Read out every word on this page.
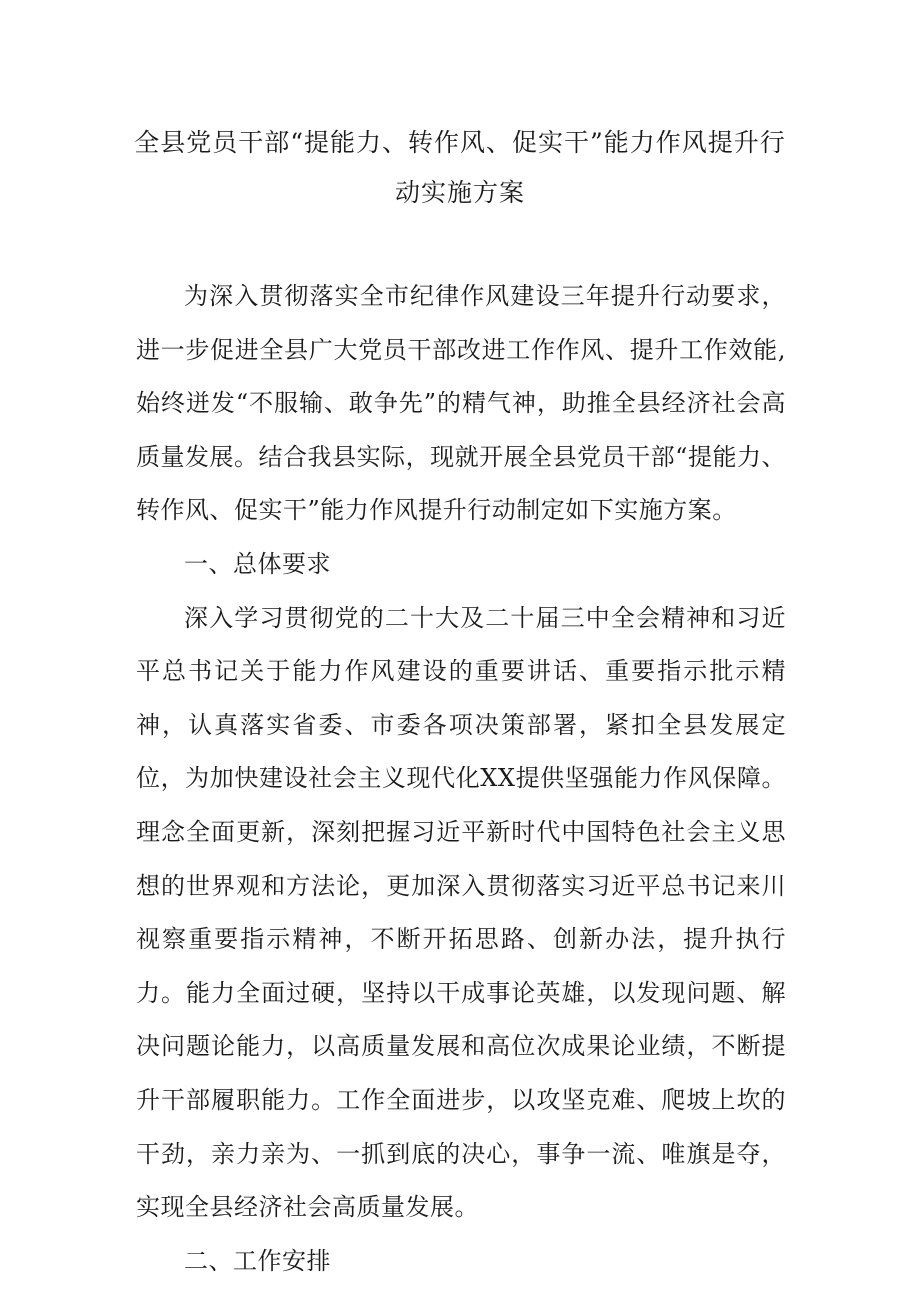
全县党员干部“提能力、转作风、促实干”能力作风提升行
动实施方案

为深入贯彻落实全市纪律作风建设三年提升行动要求，进一步促进全县广大党员干部改进工作作风、提升工作效能,始终迸发“不服输、敢争先”的精气神，助推全县经济社会高质量发展。结合我县实际，现就开展全县党员干部“提能力、转作风、促实干”能力作风提升行动制定如下实施方案。

一、总体要求

深入学习贯彻党的二十大及二十届三中全会精神和习近平总书记关于能力作风建设的重要讲话、重要指示批示精神，认真落实省委、市委各项决策部署，紧扣全县发展定位，为加快建设社会主义现代化XX提供坚强能力作风保障。理念全面更新，深刻把握习近平新时代中国特色社会主义思想的世界观和方法论，更加深入贯彻落实习近平总书记来川视察重要指示精神，不断开拓思路、创新办法，提升执行力。能力全面过硬，坚持以干成事论英雄，以发现问题、解决问题论能力，以高质量发展和高位次成果论业绩，不断提升干部履职能力。工作全面进步，以攻坚克难、爬坡上坎的干劲，亲力亲为、一抓到底的决心，事争一流、唯旗是夺，实现全县经济社会高质量发展。

二、工作安排
